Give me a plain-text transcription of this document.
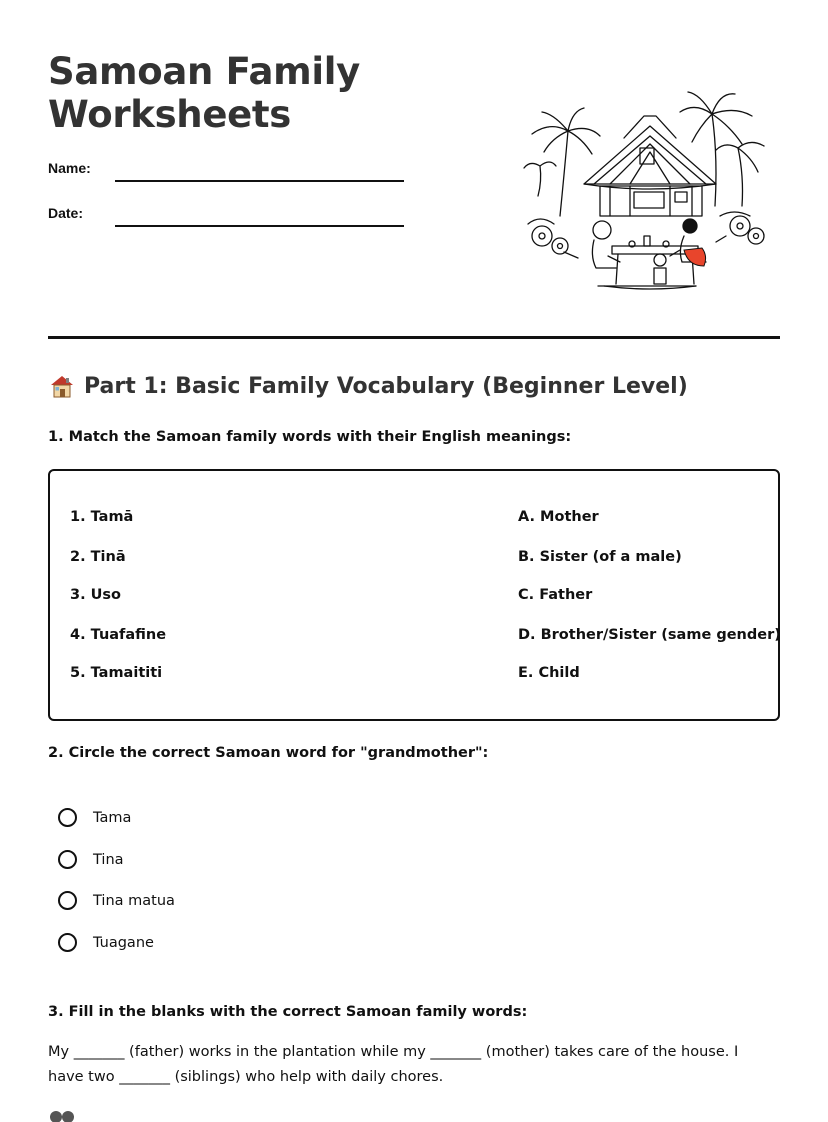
Samoan Family
Worksheets
Name:
Date:
Part 1: Basic Family Vocabulary (Beginner Level)

1. Match the Samoan family words with their English meanings:

1. Tamā
2. Tinā
3. Uso
4. Tuafafine
5. Tamaititi
A. Mother
B. Sister (of a male)
C. Father
D. Brother/Sister (same gender)
E. Child

2. Circle the correct Samoan word for "grandmother":

Tama
Tina
Tina matua
Tuagane

3. Fill in the blanks with the correct Samoan family words:

My _______ (father) works in the plantation while my _______ (mother) takes care of the house. I have two _______ (siblings) who help with daily chores.
